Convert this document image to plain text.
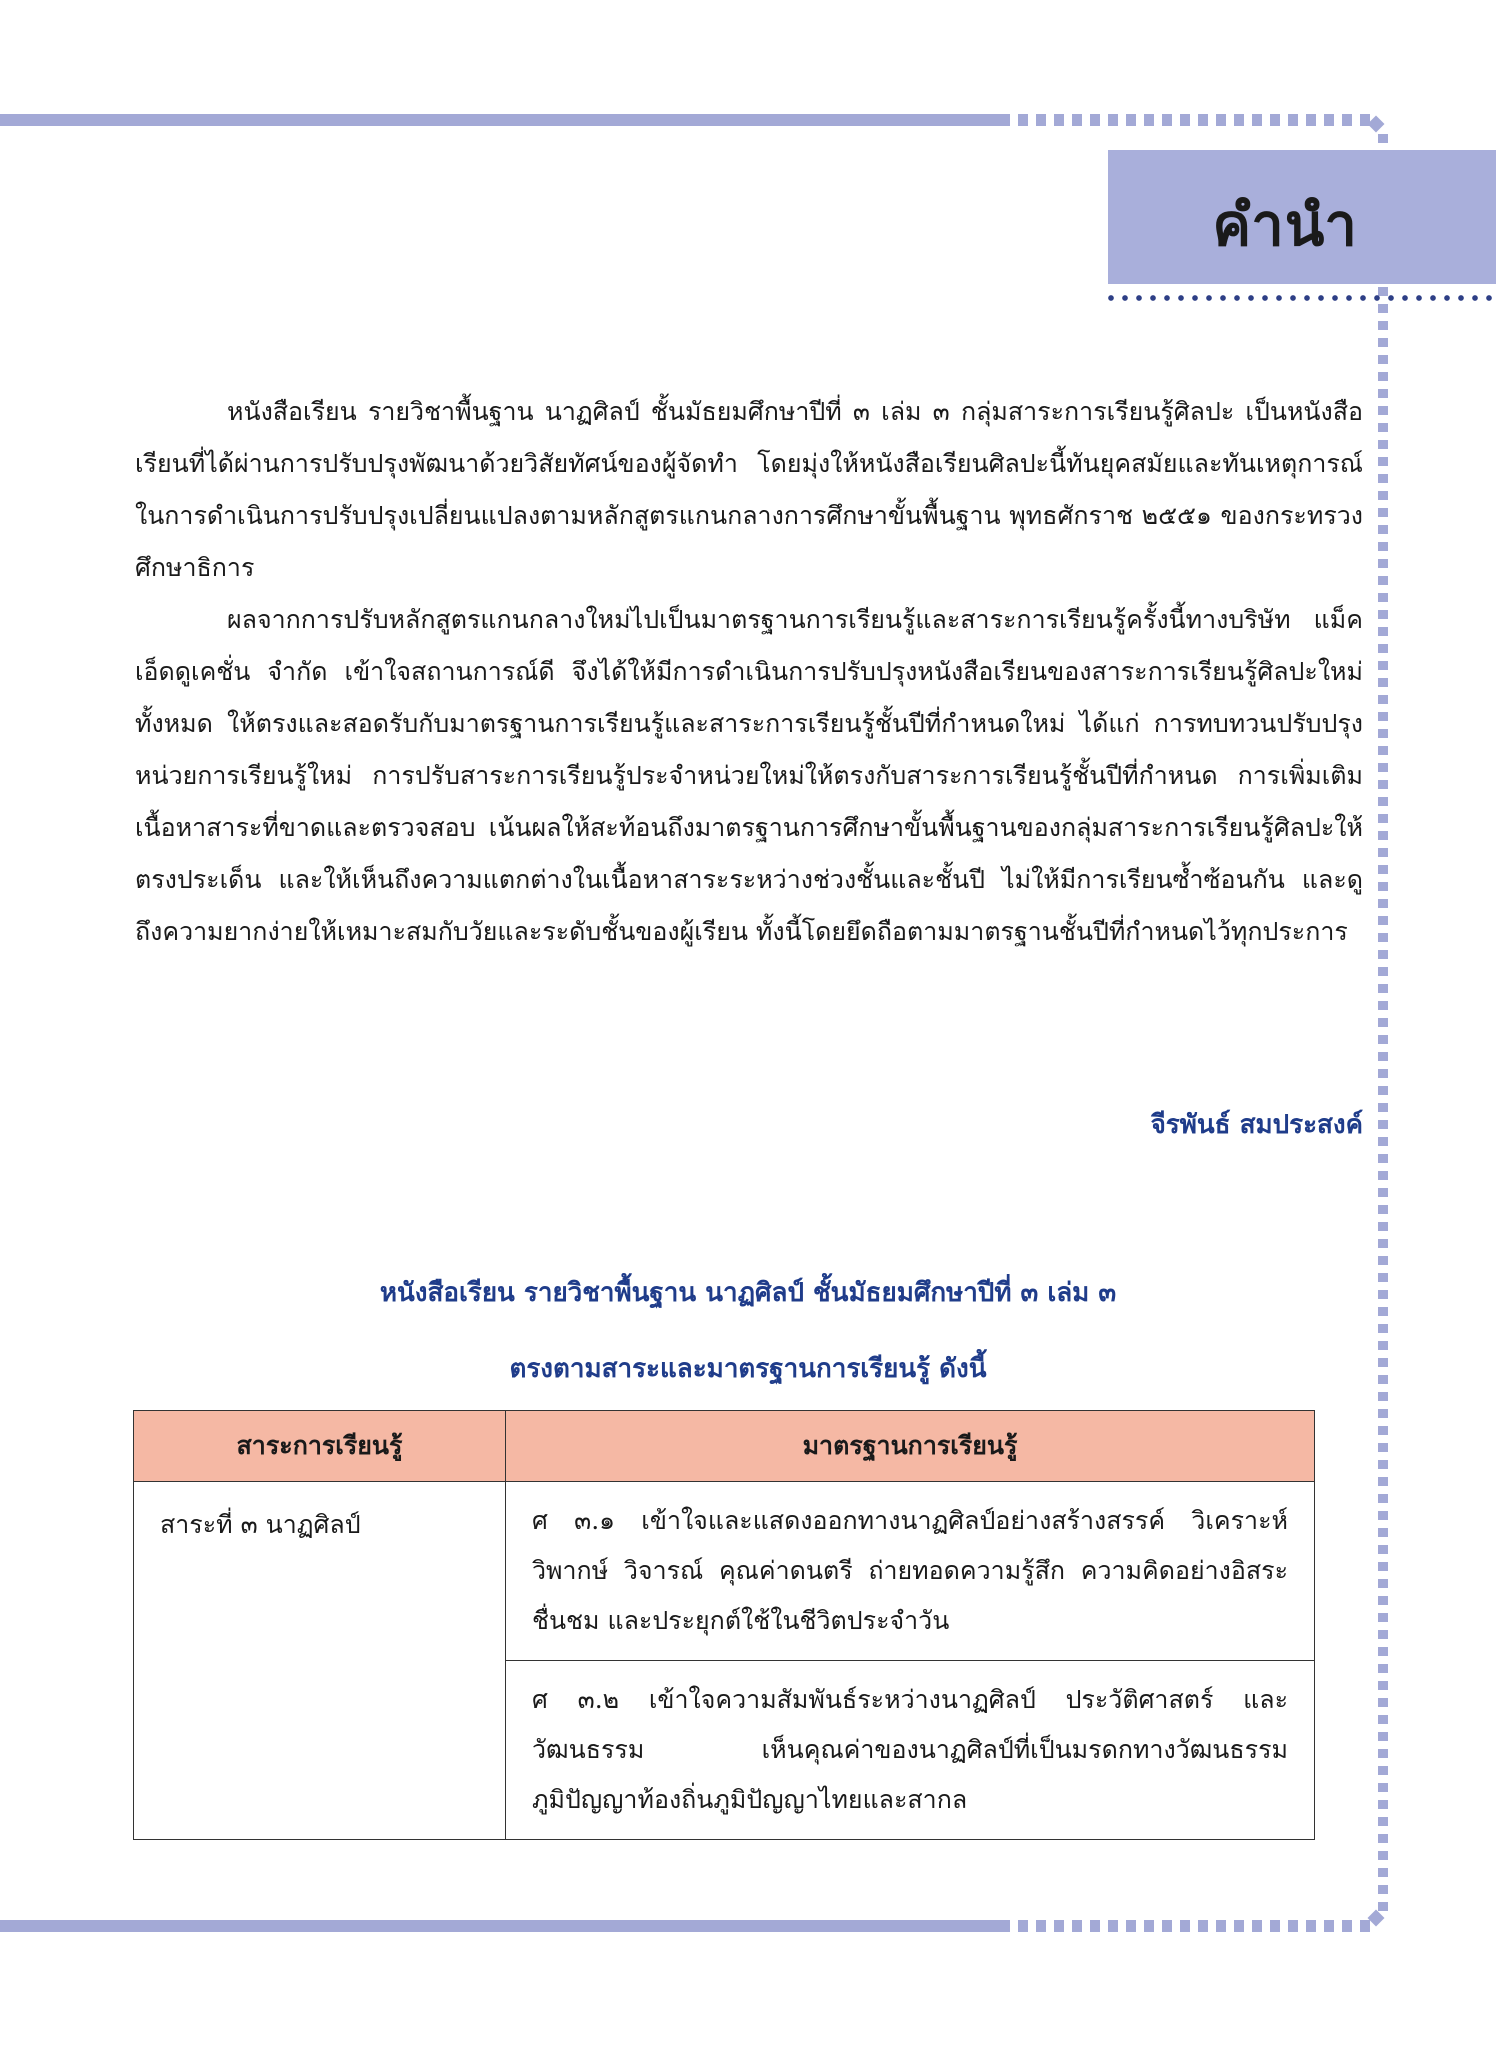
คำนำ

หนังสือเรียน รายวิชาพื้นฐาน นาฏศิลป์ ชั้นมัธยมศึกษาปีที่ ๓ เล่ม ๓ กลุ่มสาระการเรียนรู้ศิลปะ เป็นหนังสือเรียนที่ได้ผ่านการปรับปรุงพัฒนาด้วยวิสัยทัศน์ของผู้จัดทำ โดยมุ่งให้หนังสือเรียนศิลปะนี้ทันยุคสมัยและทันเหตุการณ์ในการดำเนินการปรับปรุงเปลี่ยนแปลงตามหลักสูตรแกนกลางการศึกษาขั้นพื้นฐาน พุทธศักราช ๒๕๕๑ ของกระทรวงศึกษาธิการ

ผลจากการปรับหลักสูตรแกนกลางใหม่ไปเป็นมาตรฐานการเรียนรู้และสาระการเรียนรู้ครั้งนี้ทางบริษัท แม็คเอ็ดดูเคชั่น จำกัด เข้าใจสถานการณ์ดี จึงได้ให้มีการดำเนินการปรับปรุงหนังสือเรียนของสาระการเรียนรู้ศิลปะใหม่ทั้งหมด ให้ตรงและสอดรับกับมาตรฐานการเรียนรู้และสาระการเรียนรู้ชั้นปีที่กำหนดใหม่ ได้แก่ การทบทวนปรับปรุงหน่วยการเรียนรู้ใหม่ การปรับสาระการเรียนรู้ประจำหน่วยใหม่ให้ตรงกับสาระการเรียนรู้ชั้นปีที่กำหนด การเพิ่มเติมเนื้อหาสาระที่ขาดและตรวจสอบ เน้นผลให้สะท้อนถึงมาตรฐานการศึกษาขั้นพื้นฐานของกลุ่มสาระการเรียนรู้ศิลปะให้ตรงประเด็น และให้เห็นถึงความแตกต่างในเนื้อหาสาระระหว่างช่วงชั้นและชั้นปี ไม่ให้มีการเรียนซ้ำซ้อนกัน และดูถึงความยากง่ายให้เหมาะสมกับวัยและระดับชั้นของผู้เรียน ทั้งนี้โดยยึดถือตามมาตรฐานชั้นปีที่กำหนดไว้ทุกประการ

จีรพันธ์ สมประสงค์
หนังสือเรียน รายวิชาพื้นฐาน นาฏศิลป์ ชั้นมัธยมศึกษาปีที่ ๓ เล่ม ๓
ตรงตามสาระและมาตรฐานการเรียนรู้ ดังนี้
สาระการเรียนรู้	มาตรฐานการเรียนรู้
สาระที่ ๓ นาฏศิลป์	ศ ๓.๑ เข้าใจและแสดงออกทางนาฏศิลป์อย่างสร้างสรรค์ วิเคราะห์ วิพากษ์ วิจารณ์ คุณค่าดนตรี ถ่ายทอดความรู้สึก ความคิดอย่างอิสระ ชื่นชม และประยุกต์ใช้ในชีวิตประจำวัน
	ศ ๓.๒ เข้าใจความสัมพันธ์ระหว่างนาฏศิลป์ ประวัติศาสตร์ และวัฒนธรรม เห็นคุณค่าของนาฏศิลป์ที่เป็นมรดกทางวัฒนธรรม ภูมิปัญญาท้องถิ่นภูมิปัญญาไทยและสากล
